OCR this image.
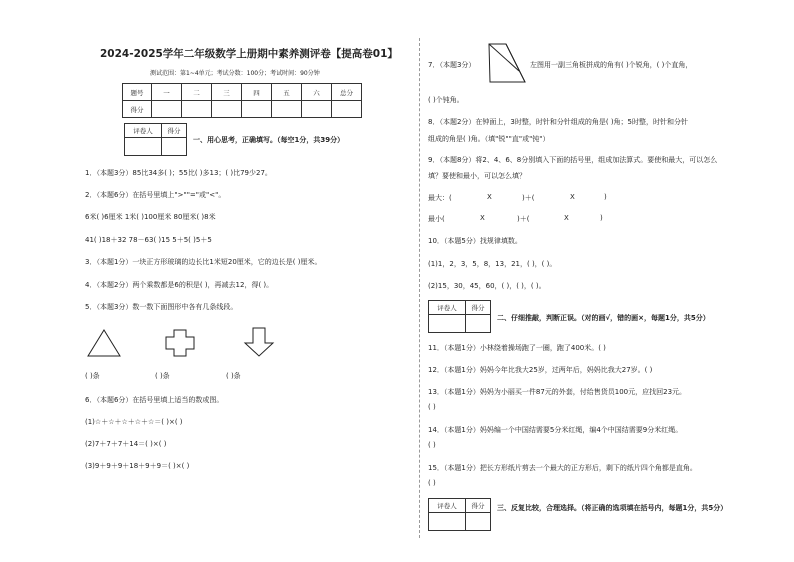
2024-2025学年二年级数学上册期中素养测评卷【提高卷01】
测试范围：第1~4单元；考试分数：100分；考试时间：90分钟
题号	一	二	三	四	五	六	总分
得分							
评卷人	得分

一、用心思考，正确填写。（每空1分，共39分）
1．（本题3分）85比34多( )；55比( )多13；( )比79少27。
2．（本题6分）在括号里填上">""="或"<"。
6米( )6厘米 1米( )100厘米 80厘米( )8米
41( )18＋32 78－63( )15 5＋5( )5＋5
3．（本题1分）一块正方形玻璃的边长比1米短20厘米，它的边长是( )厘米。
4．（本题2分）两个乘数都是6的积是( )，再减去12，得( )。
5．（本题3分）数一数下面图形中各有几条线段。
( )条	( )条	( )条
6．（本题6分）在括号里填上适当的数或图。
(1)☆＋☆＋☆＋☆＋☆＝( )×( )
(2)7＋7＋7＋14＝( )×( )
(3)9＋9＋9＋18＋9＋9＝( )×( )
7．（本题3分）	左图用一副三角板拼成的角有( )个锐角，( )个直角，
( )个钝角。
8．（本题2分）在钟面上，3时整，时针和分针组成的角是( )角；5时整，时针和分针
组成的角是( )角。（填"锐""直"或"钝"）
9．（本题8分）将2、4、6、8分别填入下面的括号里，组成加法算式。要使和最大，可以怎么
填？要使和最小，可以怎么填？
最大：(	X	)＋(	X	)
最小(	X	)＋(	X	)
10．（本题5分）找规律填数。
(1)1，2，3，5，8，13，21，( )，( )。
(2)15，30，45，60，( )，( )，( )。
评卷人	得分

二、仔细推敲，判断正误。（对的画√，错的画×，每题1分，共5分）
11．（本题1分）小林绕着操场跑了一圈，跑了400米。( )
12．（本题1分）妈妈今年比我大25岁，过两年后，妈妈比我大27岁。( )
13．（本题1分）妈妈为小丽买一件87元的外套，付给售货员100元，应找回23元。
( )
14．（本题1分）妈妈编一个中国结需要5分米红绳，编4个中国结需要9分米红绳。
( )
15．（本题1分）把长方形纸片剪去一个最大的正方形后，剩下的纸片四个角都是直角。
( )
评卷人	得分
	三、反复比较，合理选择。（将正确的选项填在括号内，每题1分，共5分）
